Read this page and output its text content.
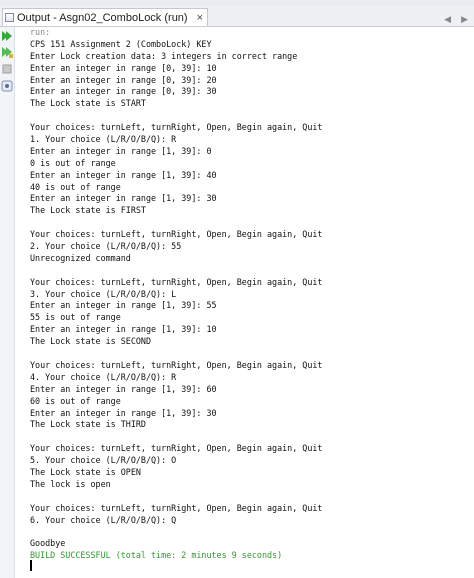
Output - Asgn02_ComboLock (run) ×	◀ ▶
run:
CPS 151 Assignment 2 (ComboLock) KEY
Enter Lock creation data: 3 integers in correct range
Enter an integer in range [0, 39]: 10
Enter an integer in range [0, 39]: 20
Enter an integer in range [0, 39]: 30
The Lock state is START
Your choices: turnLeft, turnRight, Open, Begin again, Quit
1. Your choice (L/R/O/B/Q): R
Enter an integer in range [1, 39]: 0
0 is out of range
Enter an integer in range [1, 39]: 40
40 is out of range
Enter an integer in range [1, 39]: 30
The Lock state is FIRST
Your choices: turnLeft, turnRight, Open, Begin again, Quit
2. Your choice (L/R/O/B/Q): 55
Unrecognized command
Your choices: turnLeft, turnRight, Open, Begin again, Quit
3. Your choice (L/R/O/B/Q): L
Enter an integer in range [1, 39]: 55
55 is out of range
Enter an integer in range [1, 39]: 10
The Lock state is SECOND
Your choices: turnLeft, turnRight, Open, Begin again, Quit
4. Your choice (L/R/O/B/Q): R
Enter an integer in range [1, 39]: 60
60 is out of range
Enter an integer in range [1, 39]: 30
The Lock state is THIRD
Your choices: turnLeft, turnRight, Open, Begin again, Quit
5. Your choice (L/R/O/B/Q): O
The Lock state is OPEN
The lock is open
Your choices: turnLeft, turnRight, Open, Begin again, Quit
6. Your choice (L/R/O/B/Q): Q
Goodbye
BUILD SUCCESSFUL (total time: 2 minutes 9 seconds)
